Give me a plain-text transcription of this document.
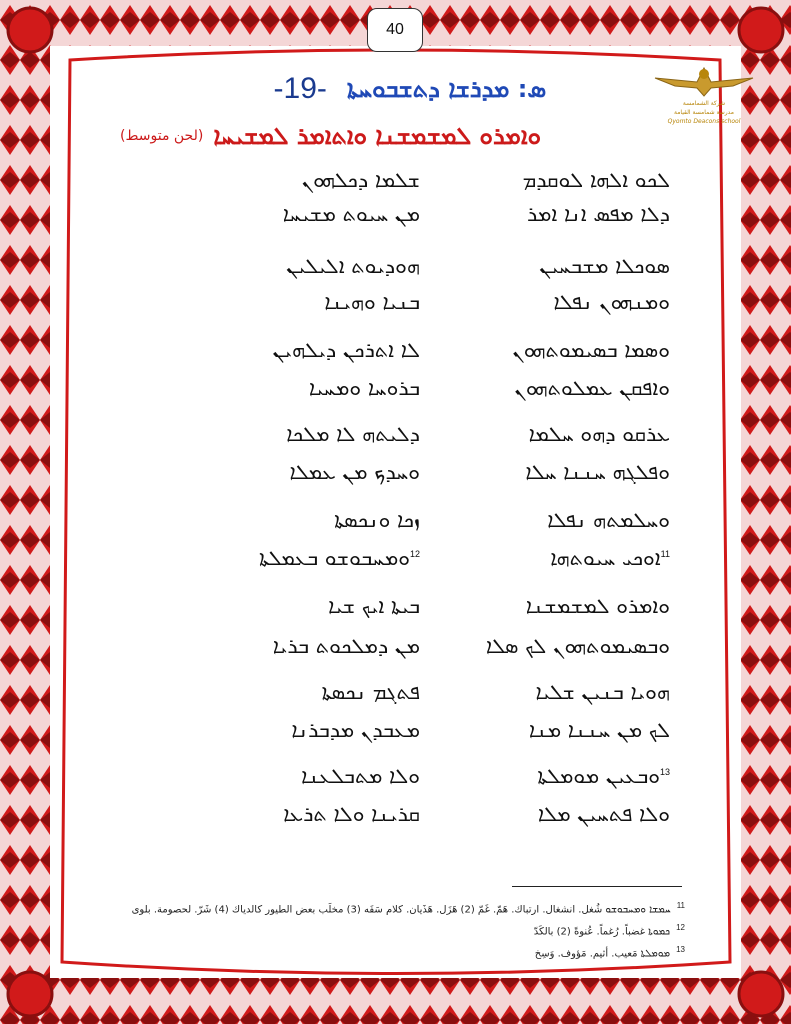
40
شركة الشمامسة
مدرسة شمامسة القيامة
Qyomto Deacons school
-19- ܣ: ܡܕܪܫܐ ܕܬܫܒܘܚܬܐ
ܘܐܡܪܘ ܠܡܫܡܫܢܐ ܘܐܬܐܡܪ ܠܡܫܝܚܐ
(لحن متوسط)
ܠܟܘ ܐܠܗܐ ܠܘܩܕܡ
ܫܠܡܐ ܕܟܠܗܘܢ
ܕܠܐ ܡܦܣ ܐܢܐ ܐܡܪ
ܡܢ ܚܝܘܬ ܡܫܝܚܐ
ܣܘܟܠܐ ܡܫܒܚܝܢ
ܗܘܕܝܘܬ ܐܠܝܠܝܢ
ܘܡܢܗܘܢ ܢܦܠܐ
ܒܢܝܐ ܘܗܝܢܐ
ܘܣܡܐ ܒܣܝܡܘܬܗܘܢ
ܠܐ ܐܬܪܟܢ ܕܝܠܗܝܢ
ܘܐܦܩܢ ܥܡܠܘܬܗܘܢ
ܒܪܘܚܐ ܘܡܚܝܐ
ܥܪܩܘ ܕܗܘ ܚܠܡܐ
ܕܠܝܬܗ ܠܐ ܡܠܟܐ
ܘܦܠܓܗ ܚܢܢܐ ܚܠܐ
ܘܚܕܟ ܡܢ ܥܡܠܐ
ܘܚܠܡܬܗ ܢܦܠܐ
ܙܟܐ ܘܢܟܣܬܐ
$^{11}$ܐܘܟܝ ܚܝܘܬܗܐ
$^{12}$ܘܡܚܒܘܫܘ ܒܥܡܠܬܐ
ܘܐܡܪܘ ܠܡܫܡܫܢܐ
ܒܝܬܐ ܐܝܟ ܫܝܐ
ܘܒܣܝܡܘܬܗܘܢ ܠܟ ܣܠܐ
ܡܢ ܕܡܠܟܘܬ ܒܪܝܐ
ܗܘܝܐ ܒܢܝܢ ܫܠܝܐ
ܦܬܓܡ ܢܟܣܬܐ
ܠܟ ܡܢ ܚܢܢܐ ܡܢܐ
ܡܥܒܕܢ ܡܕܒܪܢܐ
$^{13}$ܘܒܥܝܢ ܡܘܡܠܬܐ
ܘܠܐ ܡܬܒܠܥܢܐ
ܘܠܐ ܦܬܚܝܢ ܡܠܐ
ܩܪܝܢܐ ܘܠܐ ܬܪܥܐ
$^{11}$ܚܡܫܐ ܘܡܚܒܘܫܘ شُغل. انشغال. ارتباك. هَمّ. غَمّ (2) هَزَل. هَذَيان. كلام سَفَه (3) مخلَب بعض الطيور كالدياك (4) شَرّ. لحصومة. بلوى
$^{12}$ܟܡܘܬܐ غضباً. رُغماً. عُنوةً (2) بالكَدّ
$^{13}$ܡܘܡܠܬܐ مَعيب. أثيم. مَؤوف. وَسِخ
